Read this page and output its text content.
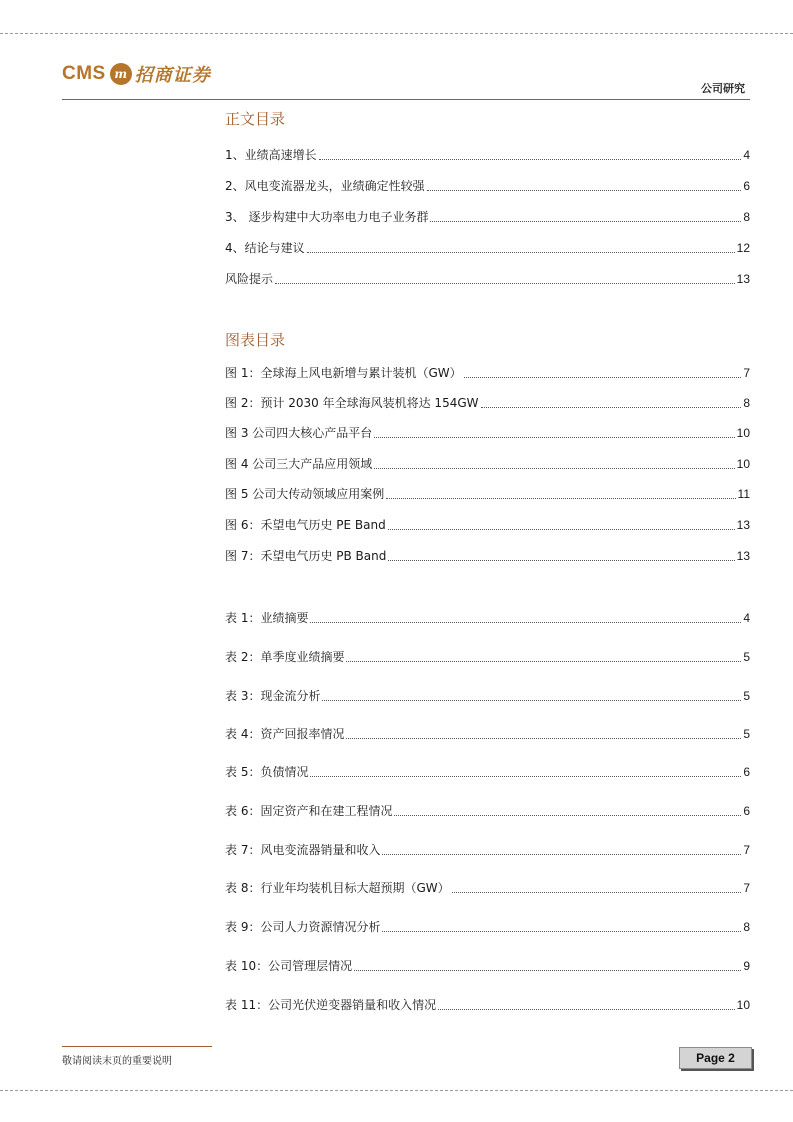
CMS m 招商证券
公司研究
正文目录
1、业绩高速增长	4
2、风电变流器龙头，业绩确定性较强	6
3、 逐步构建中大功率电力电子业务群	8
4、结论与建议	12
风险提示	13
图表目录
图 1：全球海上风电新增与累计装机（GW）	7
图 2：预计 2030 年全球海风装机将达 154GW	8
图 3 公司四大核心产品平台	10
图 4 公司三大产品应用领域	10
图 5 公司大传动领域应用案例	11
图 6：禾望电气历史 PE Band	13
图 7：禾望电气历史 PB Band	13
表 1：业绩摘要	4
表 2：单季度业绩摘要	5
表 3：现金流分析	5
表 4：资产回报率情况	5
表 5：负债情况	6
表 6：固定资产和在建工程情况	6
表 7：风电变流器销量和收入	7
表 8：行业年均装机目标大超预期（GW）	7
表 9：公司人力资源情况分析	8
表 10：公司管理层情况	9
表 11：公司光伏逆变器销量和收入情况	10
敬请阅读末页的重要说明	Page 2
